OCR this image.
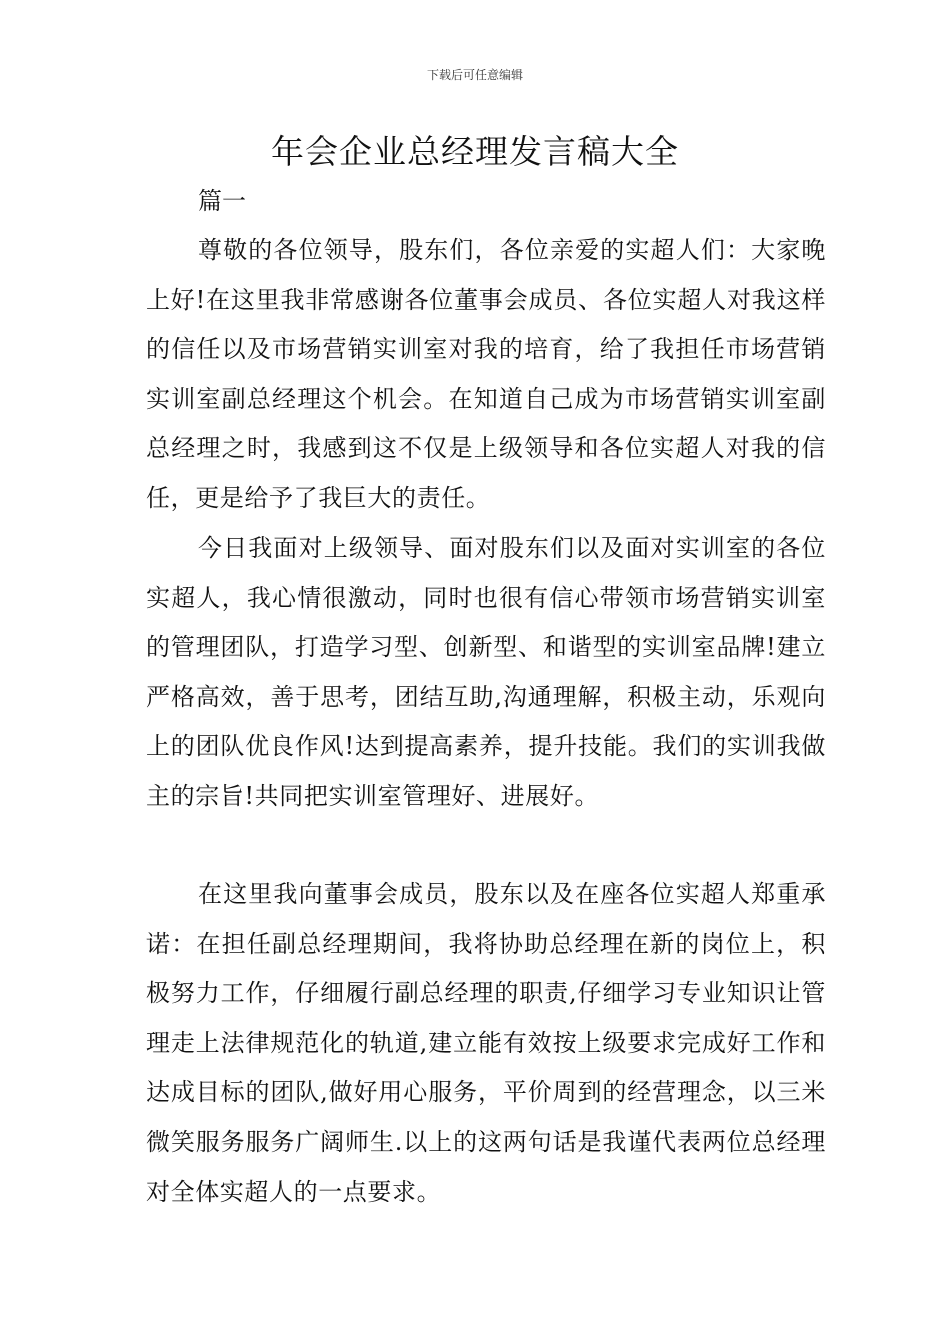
下载后可任意编辑
年会企业总经理发言稿大全

篇一

尊敬的各位领导，股东们，各位亲爱的实超人们：大家晚上好!在这里我非常感谢各位董事会成员、各位实超人对我这样的信任以及市场营销实训室对我的培育，给了我担任市场营销实训室副总经理这个机会。在知道自己成为市场营销实训室副总经理之时，我感到这不仅是上级领导和各位实超人对我的信任，更是给予了我巨大的责任。

今日我面对上级领导、面对股东们以及面对实训室的各位实超人，我心情很激动，同时也很有信心带领市场营销实训室的管理团队，打造学习型、创新型、和谐型的实训室品牌!建立严格高效，善于思考，团结互助,沟通理解，积极主动，乐观向上的团队优良作风!达到提高素养，提升技能。我们的实训我做主的宗旨!共同把实训室管理好、进展好。

在这里我向董事会成员，股东以及在座各位实超人郑重承诺：在担任副总经理期间，我将协助总经理在新的岗位上，积极努力工作，仔细履行副总经理的职责,仔细学习专业知识让管理走上法律规范化的轨道,建立能有效按上级要求完成好工作和达成目标的团队,做好用心服务，平价周到的经营理念，以三米微笑服务服务广阔师生.以上的这两句话是我谨代表两位总经理对全体实超人的一点要求。
